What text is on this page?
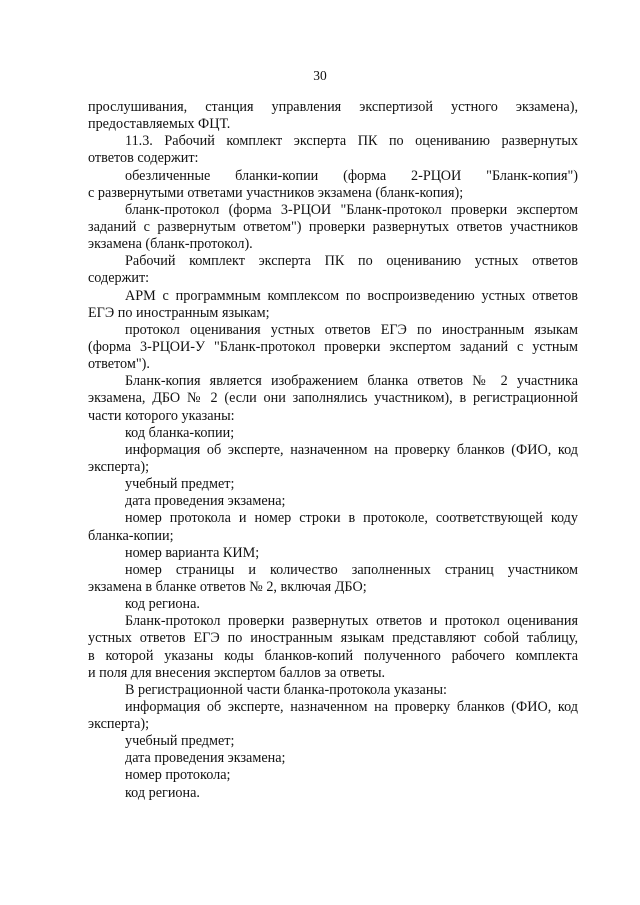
30
прослушивания, станция управления экспертизой устного экзамена),
предоставляемых ФЦТ.
11.3. Рабочий комплект эксперта ПК по оцениванию развернутых
ответов содержит:
обезличенные бланки-копии (форма 2-РЦОИ "Бланк-копия")
с развернутыми ответами участников экзамена (бланк-копия);
бланк-протокол (форма 3-РЦОИ "Бланк-протокол проверки экспертом
заданий с развернутым ответом") проверки развернутых ответов участников
экзамена (бланк-протокол).
Рабочий комплект эксперта ПК по оцениванию устных ответов
содержит:
АРМ с программным комплексом по воспроизведению устных ответов
ЕГЭ по иностранным языкам;
протокол оценивания устных ответов ЕГЭ по иностранным языкам
(форма 3-РЦОИ-У "Бланк-протокол проверки экспертом заданий с устным
ответом").
Бланк-копия является изображением бланка ответов № 2 участника
экзамена, ДБО № 2 (если они заполнялись участником), в регистрационной
части которого указаны:
код бланка-копии;
информация об эксперте, назначенном на проверку бланков (ФИО, код
эксперта);
учебный предмет;
дата проведения экзамена;
номер протокола и номер строки в протоколе, соответствующей коду
бланка-копии;
номер варианта КИМ;
номер страницы и количество заполненных страниц участником
экзамена в бланке ответов № 2, включая ДБО;
код региона.
Бланк-протокол проверки развернутых ответов и протокол оценивания
устных ответов ЕГЭ по иностранным языкам представляют собой таблицу,
в которой указаны коды бланков-копий полученного рабочего комплекта
и поля для внесения экспертом баллов за ответы.
В регистрационной части бланка-протокола указаны:
информация об эксперте, назначенном на проверку бланков (ФИО, код
эксперта);
учебный предмет;
дата проведения экзамена;
номер протокола;
код региона.
